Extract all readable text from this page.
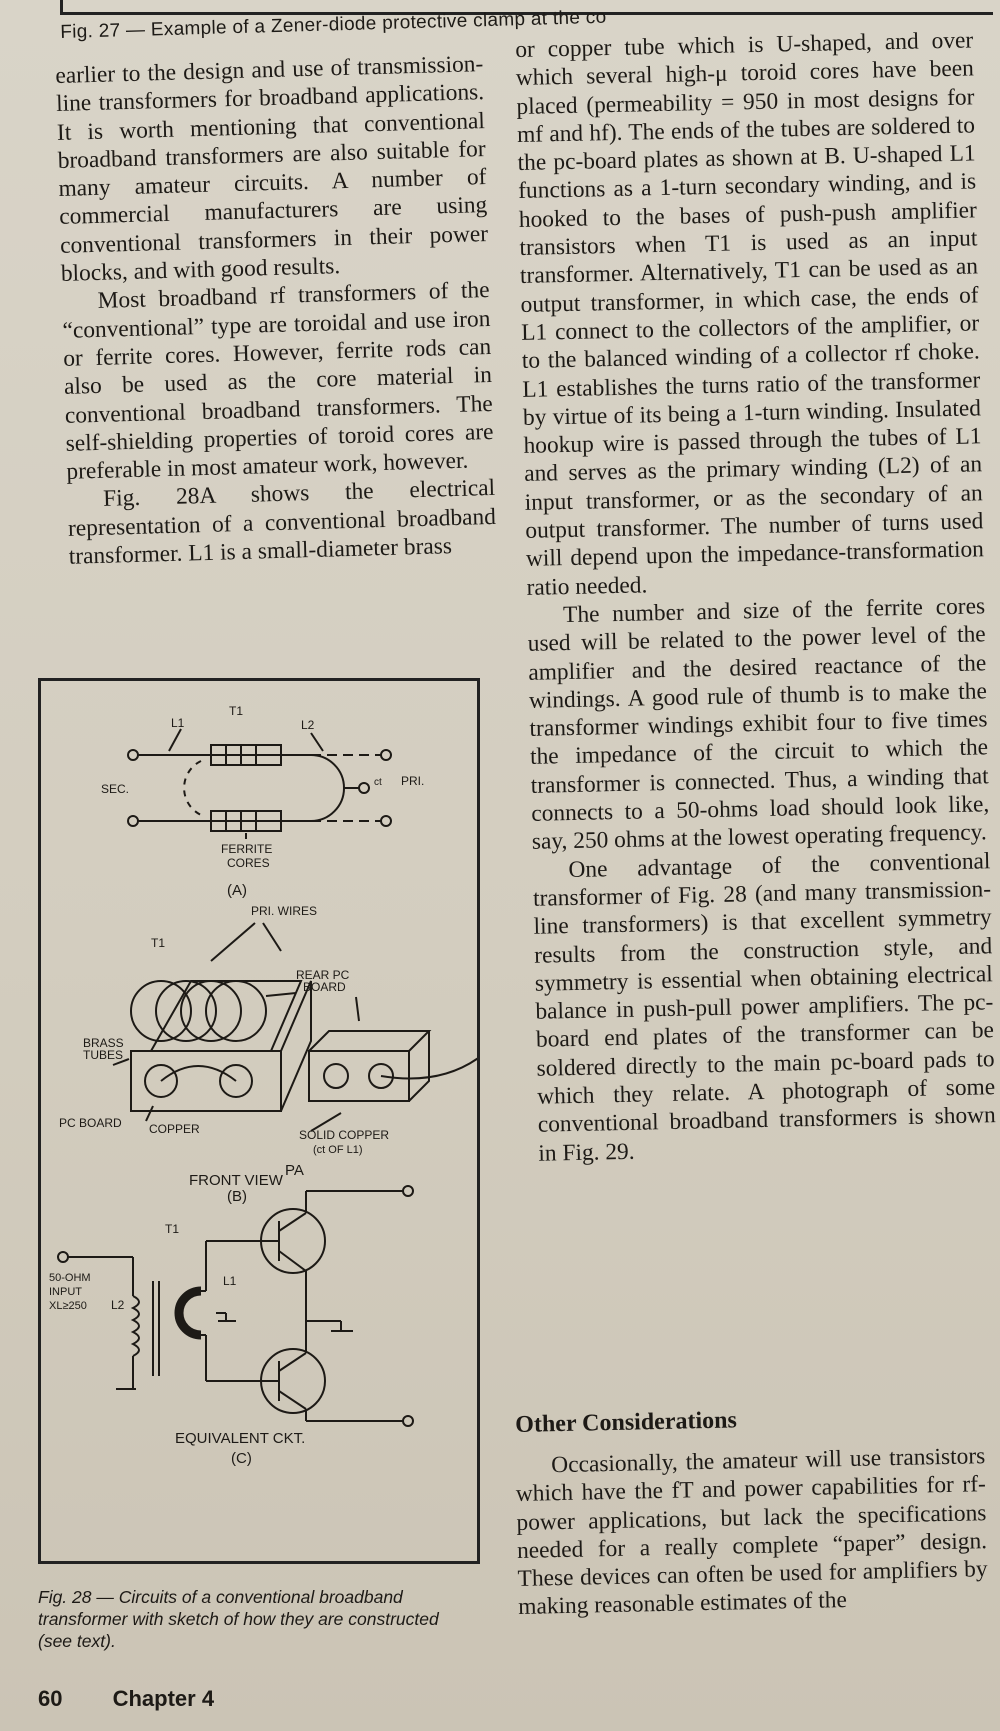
Fig. 27 — Example of a Zener-diode protective clamp at the co

earlier to the design and use of transmission-line transformers for broadband applications. It is worth mentioning that conventional broadband transformers are also suitable for many amateur circuits. A number of commercial manufacturers are using conventional transformers in their power blocks, and with good results.

Most broadband rf transformers of the “conventional” type are toroidal and use iron or ferrite cores. However, ferrite rods can also be used as the core material in conventional broadband transformers. The self-shielding properties of toroid cores are preferable in most amateur work, however.

Fig. 28A shows the electrical representation of a conventional broadband transformer. L1 is a small-diameter brass

or copper tube which is U-shaped, and over which several high-μ toroid cores have been placed (permeability = 950 in most designs for mf and hf). The ends of the tubes are soldered to the pc-board plates as shown at B. U-shaped L1 functions as a 1-turn secondary winding, and is hooked to the bases of push-push amplifier transistors when T1 is used as an input transformer. Alternatively, T1 can be used as an output transformer, in which case, the ends of L1 connect to the collectors of the amplifier, or to the balanced winding of a collector rf choke. L1 establishes the turns ratio of the transformer by virtue of its being a 1-turn winding. Insulated hookup wire is passed through the tubes of L1 and serves as the primary winding (L2) of an input transformer, or as the secondary of an output transformer. The number of turns used will depend upon the impedance-transformation ratio needed.

The number and size of the ferrite cores used will be related to the power level of the amplifier and the desired reactance of the windings. A good rule of thumb is to make the transformer windings exhibit four to five times the impedance of the circuit to which the transformer is connected. Thus, a winding that connects to a 50-ohms load should look like, say, 250 ohms at the lowest operating frequency.

One advantage of the conventional transformer of Fig. 28 (and many transmission-line transformers) is that excellent symmetry results from the construction style, and symmetry is essential when obtaining electrical balance in push-pull power amplifiers. The pc-board end plates of the transformer can be soldered directly to the main pc-board pads to which they relate. A photograph of some conventional broadband transformers is shown in Fig. 29.

Other Considerations

Occasionally, the amateur will use transistors which have the fT and power capabilities for rf-power applications, but lack the specifications needed for a really complete “paper” design. These devices can often be used for amplifiers by making reasonable estimates of the

T1
L1	L2
SEC.
PRI.
ct
FERRITE
CORES
(A)
PRI. WIRES
T1
BRASS
TUBES
REAR PC
BOARD
PC BOARD COPPER	SOLID COPPER
(ct OF L1)
FRONT VIEW
(B)
PA
T1
50-OHM
INPUT
XL≥250 L2
L1
EQUIVALENT CKT.
(C)
Fig. 28 — Circuits of a conventional broadband transformer with sketch of how they are constructed (see text).
60 Chapter 4
